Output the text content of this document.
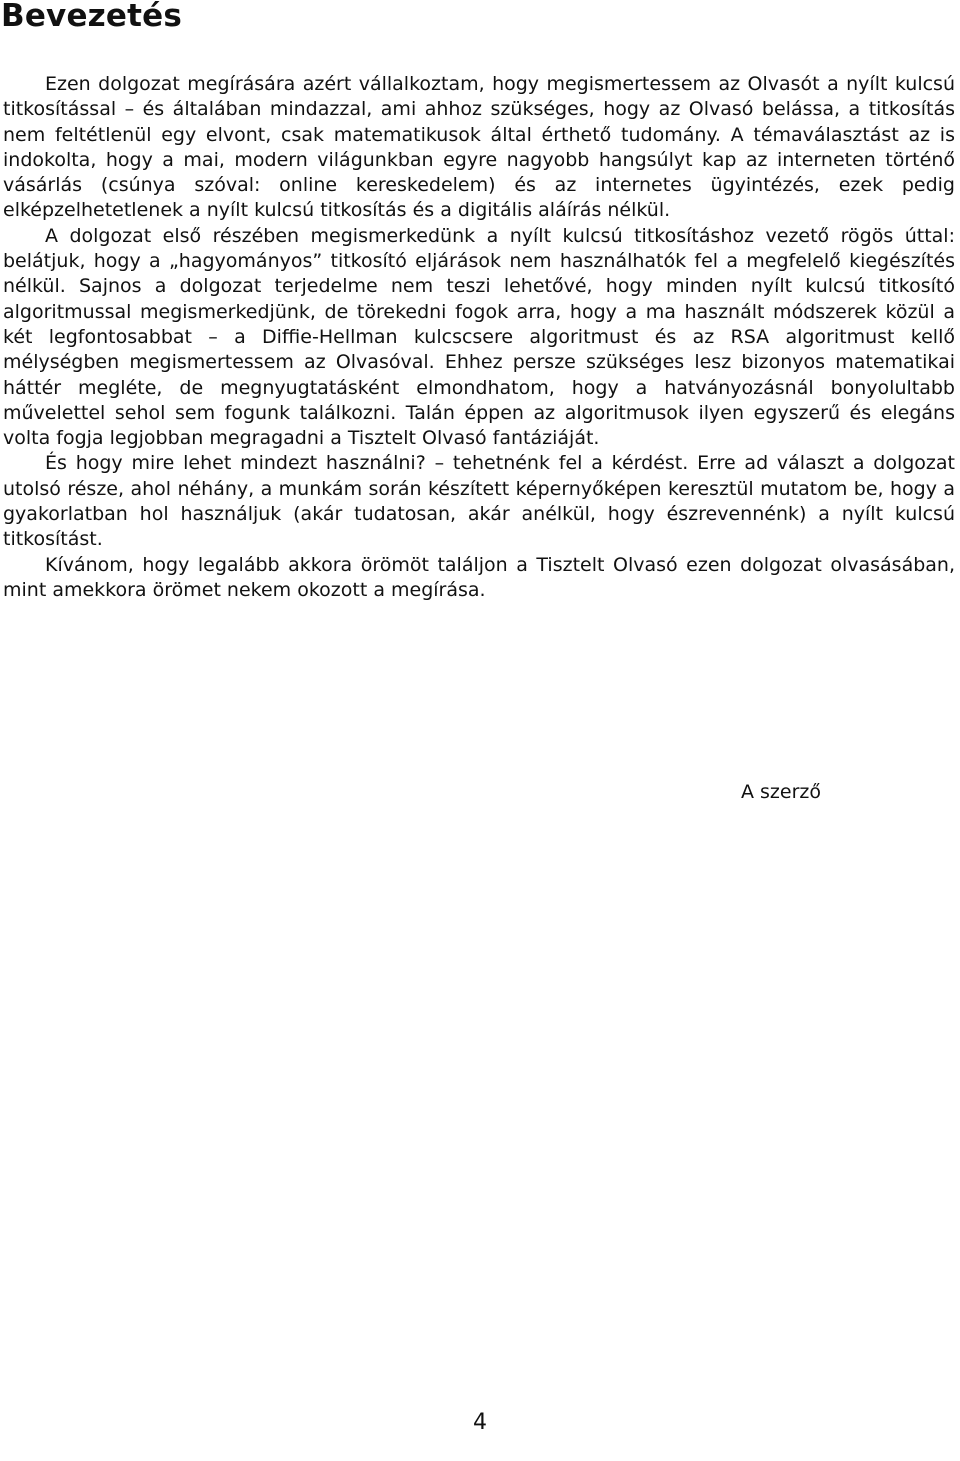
Bevezetés

Ezen dolgozat megírására azért vállalkoztam, hogy megismertessem az Olvasót a nyílt kulcsú titkosítással – és általában mindazzal, ami ahhoz szükséges, hogy az Olvasó belássa, a titkosítás nem feltétlenül egy elvont, csak matematikusok által érthető tudomány. A témaválasztást az is indokolta, hogy a mai, modern világunkban egyre nagyobb hangsúlyt kap az interneten történő vásárlás (csúnya szóval: online kereskedelem) és az internetes ügyintézés, ezek pedig elképzelhetetlenek a nyílt kulcsú titkosítás és a digitális aláírás nélkül.

A dolgozat első részében megismerkedünk a nyílt kulcsú titkosításhoz vezető rögös úttal: belátjuk, hogy a „hagyományos” titkosító eljárások nem használhatók fel a megfelelő kiegészítés nélkül. Sajnos a dolgozat terjedelme nem teszi lehetővé, hogy minden nyílt kulcsú titkosító algoritmussal megismerkedjünk, de törekedni fogok arra, hogy a ma használt módszerek közül a két legfontosabbat – a Diffie-Hellman kulcscsere algoritmust és az RSA algoritmust kellő mélységben megismertessem az Olvasóval. Ehhez persze szükséges lesz bizonyos matematikai háttér megléte, de megnyugtatásként elmondhatom, hogy a hatványozásnál bonyolultabb művelettel sehol sem fogunk találkozni. Talán éppen az algoritmusok ilyen egyszerű és elegáns volta fogja legjobban megragadni a Tisztelt Olvasó fantáziáját.

És hogy mire lehet mindezt használni? – tehetnénk fel a kérdést. Erre ad választ a dolgozat utolsó része, ahol néhány, a munkám során készített képernyőképen keresztül mutatom be, hogy a gyakorlatban hol használjuk (akár tudatosan, akár anélkül, hogy észrevennénk) a nyílt kulcsú titkosítást.

Kívánom, hogy legalább akkora örömöt találjon a Tisztelt Olvasó ezen dolgozat olvasásában, mint amekkora örömet nekem okozott a megírása.

A szerző
4
